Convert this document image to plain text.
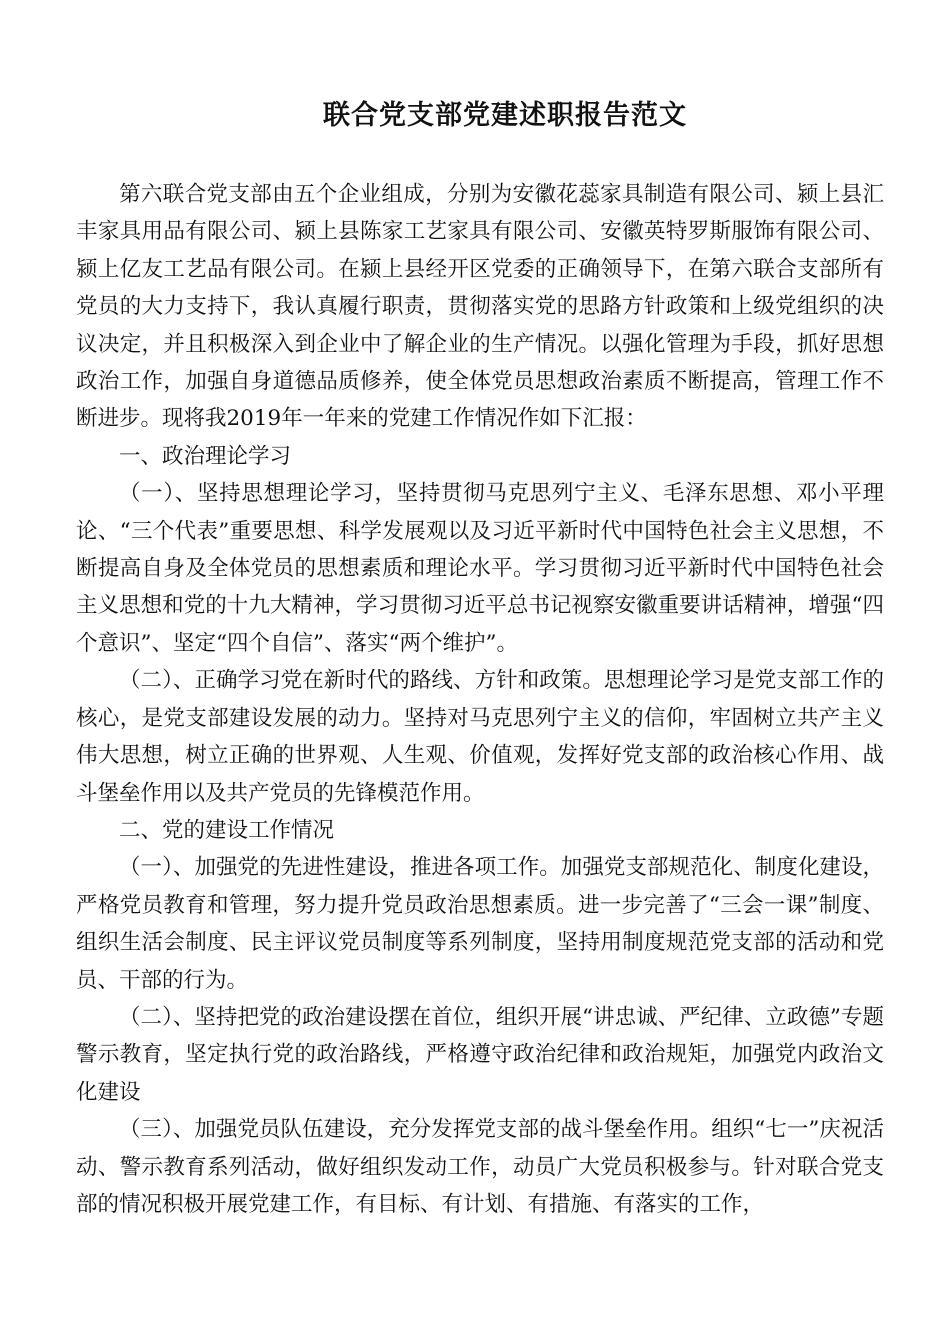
联合党支部党建述职报告范文

第六联合党支部由五个企业组成，分别为安徽花蕊家具制造有限公司、颍上县汇丰家具用品有限公司、颍上县陈家工艺家具有限公司、安徽英特罗斯服饰有限公司、颍上亿友工艺品有限公司。在颍上县经开区党委的正确领导下，在第六联合支部所有党员的大力支持下，我认真履行职责，贯彻落实党的思路方针政策和上级党组织的决议决定，并且积极深入到企业中了解企业的生产情况。以强化管理为手段，抓好思想政治工作，加强自身道德品质修养，使全体党员思想政治素质不断提高，管理工作不断进步。现将我2019年一年来的党建工作情况作如下汇报：

一、政治理论学习

（一）、坚持思想理论学习，坚持贯彻马克思列宁主义、毛泽东思想、邓小平理论、“三个代表”重要思想、科学发展观以及习近平新时代中国特色社会主义思想，不断提高自身及全体党员的思想素质和理论水平。学习贯彻习近平新时代中国特色社会主义思想和党的十九大精神，学习贯彻习近平总书记视察安徽重要讲话精神，增强“四个意识”、坚定“四个自信”、落实“两个维护”。

（二）、正确学习党在新时代的路线、方针和政策。思想理论学习是党支部工作的核心，是党支部建设发展的动力。坚持对马克思列宁主义的信仰，牢固树立共产主义伟大思想，树立正确的世界观、人生观、价值观，发挥好党支部的政治核心作用、战斗堡垒作用以及共产党员的先锋模范作用。

二、党的建设工作情况

（一）、加强党的先进性建设，推进各项工作。加强党支部规范化、制度化建设，严格党员教育和管理，努力提升党员政治思想素质。进一步完善了“三会一课”制度、组织生活会制度、民主评议党员制度等系列制度，坚持用制度规范党支部的活动和党员、干部的行为。

（二）、坚持把党的政治建设摆在首位，组织开展“讲忠诚、严纪律、立政德”专题警示教育，坚定执行党的政治路线，严格遵守政治纪律和政治规矩，加强党内政治文化建设

（三）、加强党员队伍建设，充分发挥党支部的战斗堡垒作用。组织“七一”庆祝活动、警示教育系列活动，做好组织发动工作，动员广大党员积极参与。针对联合党支部的情况积极开展党建工作，有目标、有计划、有措施、有落实的工作，
